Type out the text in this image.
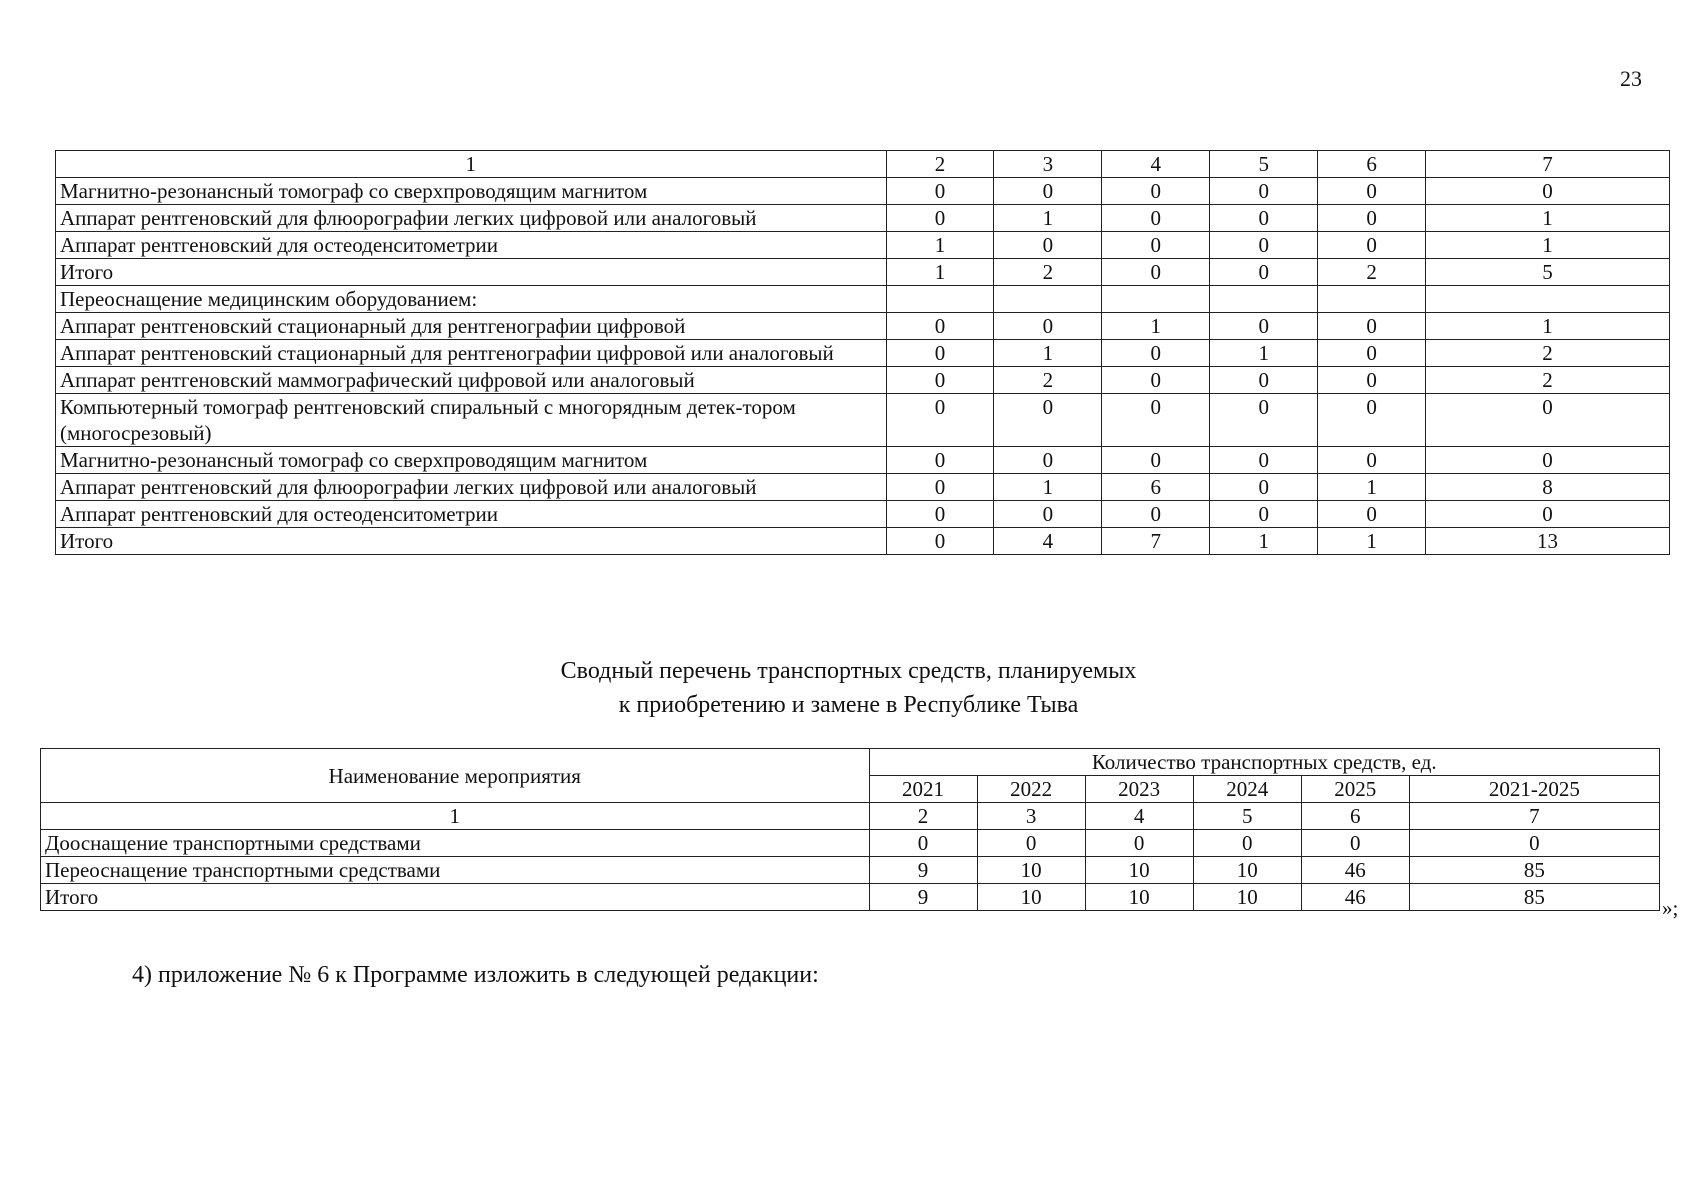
23
1	2	3	4	5	6	7
Магнитно-резонансный томограф со сверхпроводящим магнитом	0	0	0	0	0	0
Аппарат рентгеновский для флюорографии легких цифровой или аналоговый	0	1	0	0	0	1
Аппарат рентгеновский для остеоденситометрии	1	0	0	0	0	1
Итого	1	2	0	0	2	5
Переоснащение медицинским оборудованием:						
Аппарат рентгеновский стационарный для рентгенографии цифровой	0	0	1	0	0	1
Аппарат рентгеновский стационарный для рентгенографии цифровой или аналоговый	0	1	0	1	0	2
Аппарат рентгеновский маммографический цифровой или аналоговый	0	2	0	0	0	2
Компьютерный томограф рентгеновский спиральный с многорядным детек-тором (многосрезовый)	0	0	0	0	0	0
Магнитно-резонансный томограф со сверхпроводящим магнитом	0	0	0	0	0	0
Аппарат рентгеновский для флюорографии легких цифровой или аналоговый	0	1	6	0	1	8
Аппарат рентгеновский для остеоденситометрии	0	0	0	0	0	0
Итого	0	4	7	1	1	13
Сводный перечень транспортных средств, планируемых
к приобретению и замене в Республике Тыва
Наименование мероприятия	Количество транспортных средств, ед.					
	2021	2022	2023	2024	2025	2021-2025
1	2	3	4	5	6	7
Дооснащение транспортными средствами	0	0	0	0	0	0
Переоснащение транспортными средствами	9	10	10	10	46	85
Итого	9	10	10	10	46	85	»;
4) приложение № 6 к Программе изложить в следующей редакции:
